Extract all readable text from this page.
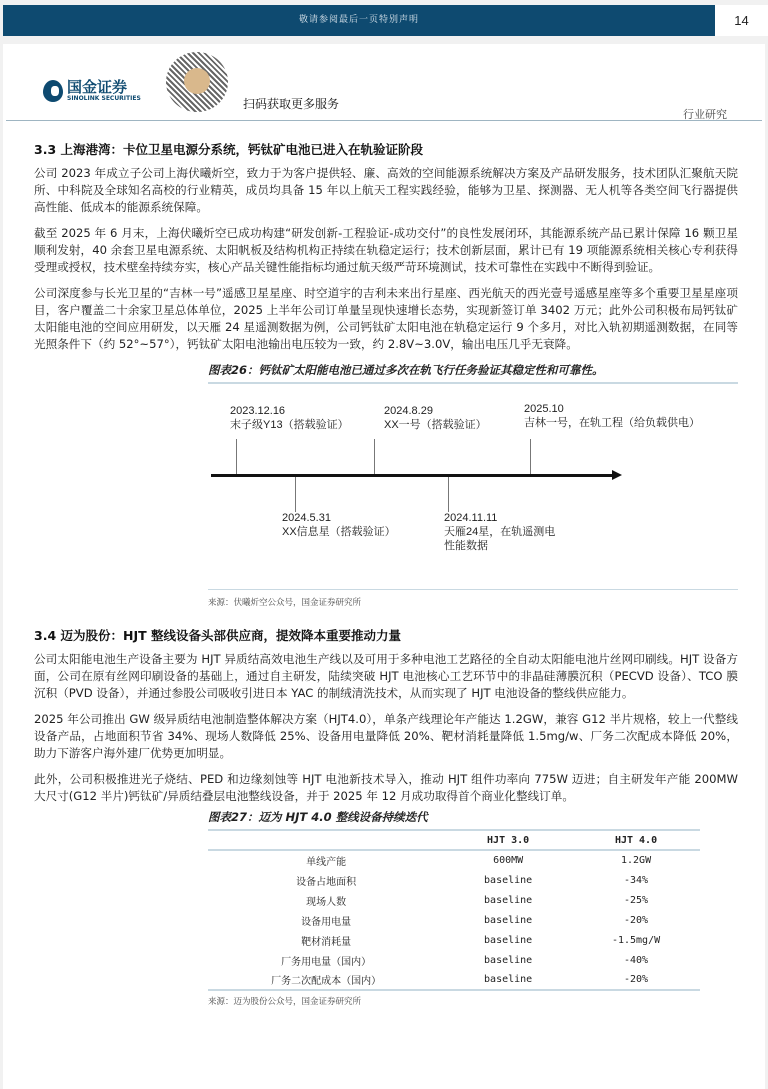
敬请参阅最后一页特别声明	14
国金证券
SINOLINK SECURITIES	扫码获取更多服务
行业研究
3.3 上海港湾：卡位卫星电源分系统，钙钛矿电池已进入在轨验证阶段

公司 2023 年成立子公司上海伏曦炘空，致力于为客户提供轻、廉、高效的空间能源系统解决方案及产品研发服务，技术团队汇聚航天院所、中科院及全球知名高校的行业精英，成员均具备 15 年以上航天工程实践经验，能够为卫星、探测器、无人机等各类空间飞行器提供高性能、低成本的能源系统保障。

截至 2025 年 6 月末，上海伏曦炘空已成功构建“研发创新-工程验证-成功交付”的良性发展闭环，其能源系统产品已累计保障 16 颗卫星顺利发射，40 余套卫星电源系统、太阳帆板及结构机构正持续在轨稳定运行；技术创新层面，累计已有 19 项能源系统相关核心专利获得受理或授权，技术壁垒持续夯实，核心产品关键性能指标均通过航天级严苛环境测试，技术可靠性在实践中不断得到验证。

公司深度参与长光卫星的“吉林一号”遥感卫星星座、时空道宇的吉利未来出行星座、西光航天的西光壹号遥感星座等多个重要卫星星座项目，客户覆盖二十余家卫星总体单位，2025 上半年公司订单量呈现快速增长态势，实现新签订单 3402 万元；此外公司积极布局钙钛矿太阳能电池的空间应用研发，以天雁 24 星遥测数据为例，公司钙钛矿太阳电池在轨稳定运行 9 个多月，对比入轨初期遥测数据，在同等光照条件下（约 52°~57°），钙钛矿太阳电池输出电压较为一致，约 2.8V~3.0V，输出电压几乎无衰降。

图表26：钙钛矿太阳能电池已通过多次在轨飞行任务验证其稳定性和可靠性。
2023.12.16
末子级Y13（搭载验证）
2024.5.31
XX信息星（搭载验证）
2024.8.29
XX一号（搭载验证）
2024.11.11
天雁24星，在轨遥测电性能数据
2025.10
吉林一号，在轨工程（给负载供电）
来源：伏曦炘空公众号，国金证券研究所
3.4 迈为股份：HJT 整线设备头部供应商，提效降本重要推动力量

公司太阳能电池生产设备主要为 HJT 异质结高效电池生产线以及可用于多种电池工艺路径的全自动太阳能电池片丝网印刷线。HJT 设备方面，公司在原有丝网印刷设备的基础上，通过自主研发，陆续突破 HJT 电池核心工艺环节中的非晶硅薄膜沉积（PECVD 设备）、TCO 膜沉积（PVD 设备），并通过参股公司吸收引进日本 YAC 的制绒清洗技术，从而实现了 HJT 电池设备的整线供应能力。

2025 年公司推出 GW 级异质结电池制造整体解决方案（HJT4.0），单条产线理论年产能达 1.2GW，兼容 G12 半片规格，较上一代整线设备产品，占地面积节省 34%、现场人数降低 25%、设备用电量降低 20%、靶材消耗量降低 1.5mg/w、厂务二次配成本降低 20%，助力下游客户海外建厂优势更加明显。

此外，公司积极推进光子烧结、PED 和边缘刻蚀等 HJT 电池新技术导入，推动 HJT 组件功率向 775W 迈进；自主研发年产能 200MW 大尺寸(G12 半片)钙钛矿/异质结叠层电池整线设备，并于 2025 年 12 月成功取得首个商业化整线订单。

图表27：迈为 HJT 4.0 整线设备持续迭代
	HJT 3.0	HJT 4.0
单线产能	600MW	1.2GW
设备占地面积	baseline	-34%
现场人数	baseline	-25%
设备用电量	baseline	-20%
靶材消耗量	baseline	-1.5mg/W
厂务用电量（国内）	baseline	-40%
厂务二次配成本（国内）	baseline	-20%
来源：迈为股份公众号，国金证券研究所
